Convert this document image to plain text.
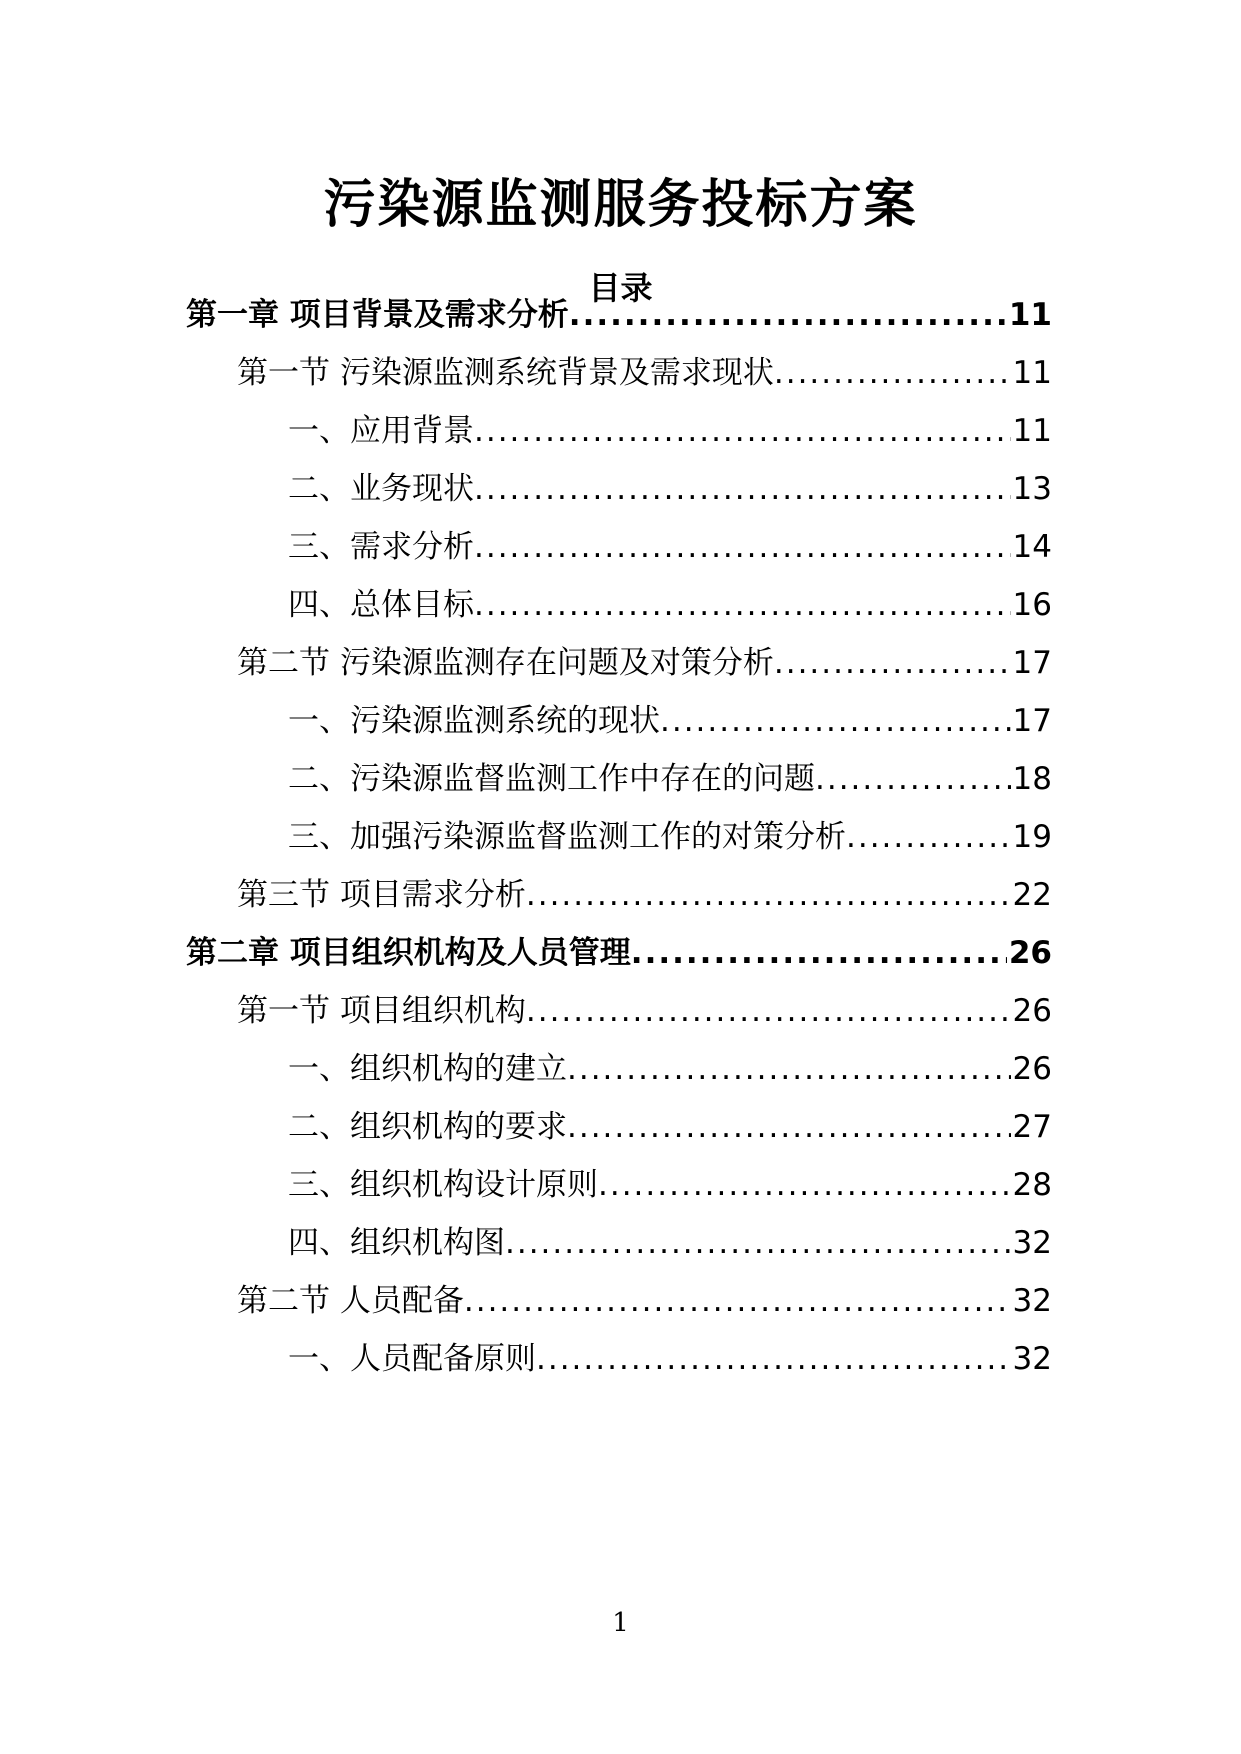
污染源监测服务投标方案
目录
第一章 项目背景及需求分析 .....	11
第一节 污染源监测系统背景及需求现状 .....	11
一、应用背景 .....	11
二、业务现状 .....	13
三、需求分析 .....	14
四、总体目标 .....	16
第二节 污染源监测存在问题及对策分析 .....	17
一、污染源监测系统的现状 .....	17
二、污染源监督监测工作中存在的问题 .....	18
三、加强污染源监督监测工作的对策分析 .....	19
第三节 项目需求分析 .....	22
第二章 项目组织机构及人员管理 .....	26
第一节 项目组织机构 .....	26
一、组织机构的建立 .....	26
二、组织机构的要求 .....	27
三、组织机构设计原则 .....	28
四、组织机构图 .....	32
第二节 人员配备 .....	32
一、人员配备原则 .....	32
1
